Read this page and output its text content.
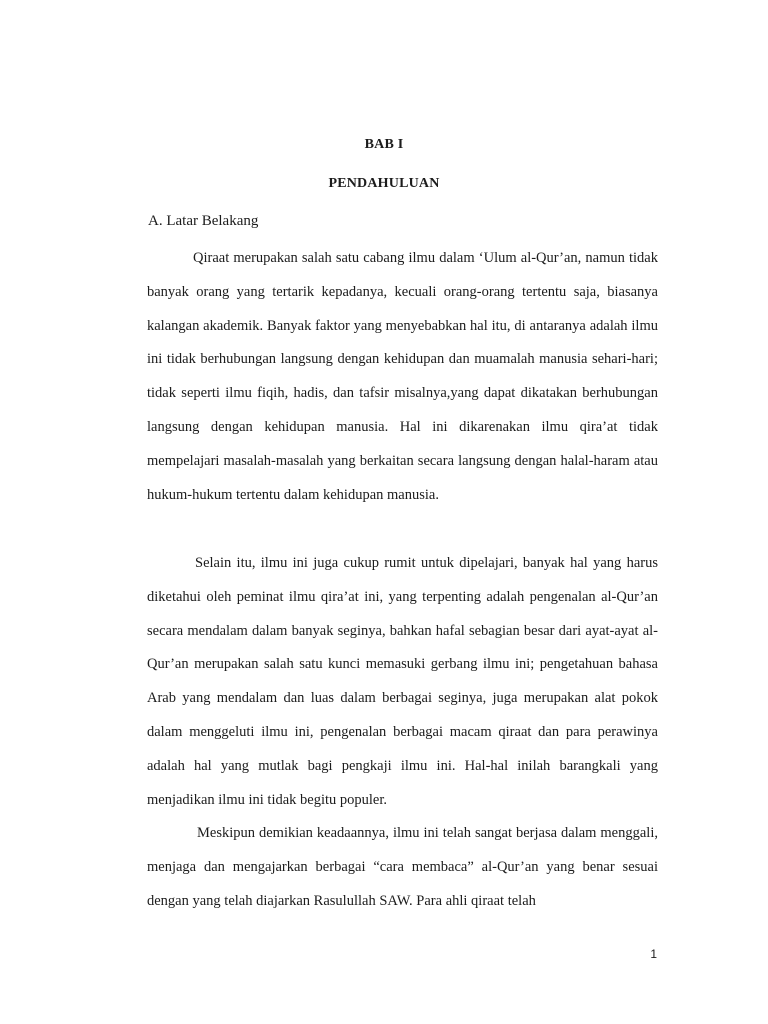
BAB I
PENDAHULUAN
A. Latar Belakang

Qiraat merupakan salah satu cabang ilmu dalam ‘Ulum al-Qur’an, namun tidak banyak orang yang tertarik kepadanya, kecuali orang-orang tertentu saja, biasanya kalangan akademik. Banyak faktor yang menyebabkan hal itu, di antaranya adalah ilmu ini tidak berhubungan langsung dengan kehidupan dan muamalah manusia sehari-hari; tidak seperti ilmu fiqih, hadis, dan tafsir misalnya,yang dapat dikatakan berhubungan langsung dengan kehidupan manusia. Hal ini dikarenakan ilmu qira’at tidak mempelajari masalah-masalah yang berkaitan secara langsung dengan halal-haram atau hukum-hukum tertentu dalam kehidupan manusia.

Selain itu, ilmu ini juga cukup rumit untuk dipelajari, banyak hal yang harus diketahui oleh peminat ilmu qira’at ini, yang terpenting adalah pengenalan al-Qur’an secara mendalam dalam banyak seginya, bahkan hafal sebagian besar dari ayat-ayat al-Qur’an merupakan salah satu kunci memasuki gerbang ilmu ini; pengetahuan bahasa Arab yang mendalam dan luas dalam berbagai seginya, juga merupakan alat pokok dalam menggeluti ilmu ini, pengenalan berbagai macam qiraat dan para perawinya adalah hal yang mutlak bagi pengkaji ilmu ini. Hal-hal inilah barangkali yang menjadikan ilmu ini tidak begitu populer.

Meskipun demikian keadaannya, ilmu ini telah sangat berjasa dalam menggali, menjaga dan mengajarkan berbagai “cara membaca” al-Qur’an yang benar sesuai dengan yang telah diajarkan Rasulullah SAW. Para ahli qiraat telah

1
